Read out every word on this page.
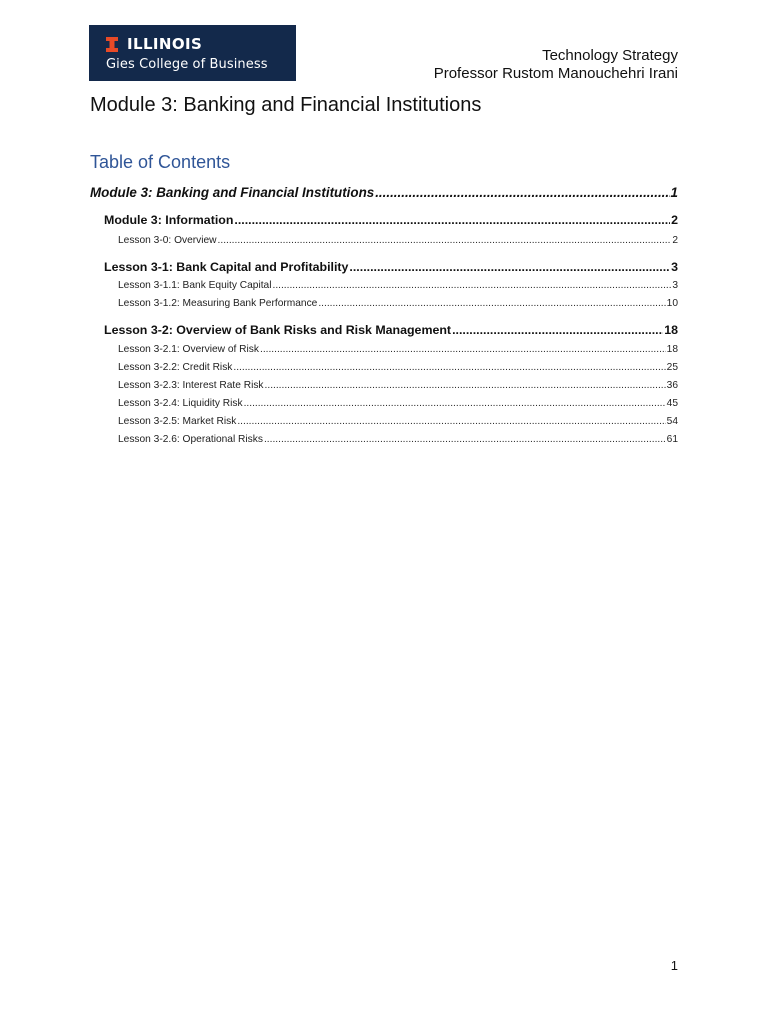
ILLINOIS
Gies College of Business
Technology Strategy
Professor Rustom Manouchehri Irani
Module 3: Banking and Financial Institutions
Table of Contents
Module 3: Banking and Financial Institutions .....	1
Module 3: Information .....	2
Lesson 3-0: Overview .....	2
Lesson 3-1: Bank Capital and Profitability .....	3
Lesson 3-1.1: Bank Equity Capital .....	3
Lesson 3-1.2: Measuring Bank Performance .....	10
Lesson 3-2: Overview of Bank Risks and Risk Management .....	18
Lesson 3-2.1: Overview of Risk .....	18
Lesson 3-2.2: Credit Risk .....	25
Lesson 3-2.3: Interest Rate Risk .....	36
Lesson 3-2.4: Liquidity Risk .....	45
Lesson 3-2.5: Market Risk .....	54
Lesson 3-2.6: Operational Risks .....	61
1
